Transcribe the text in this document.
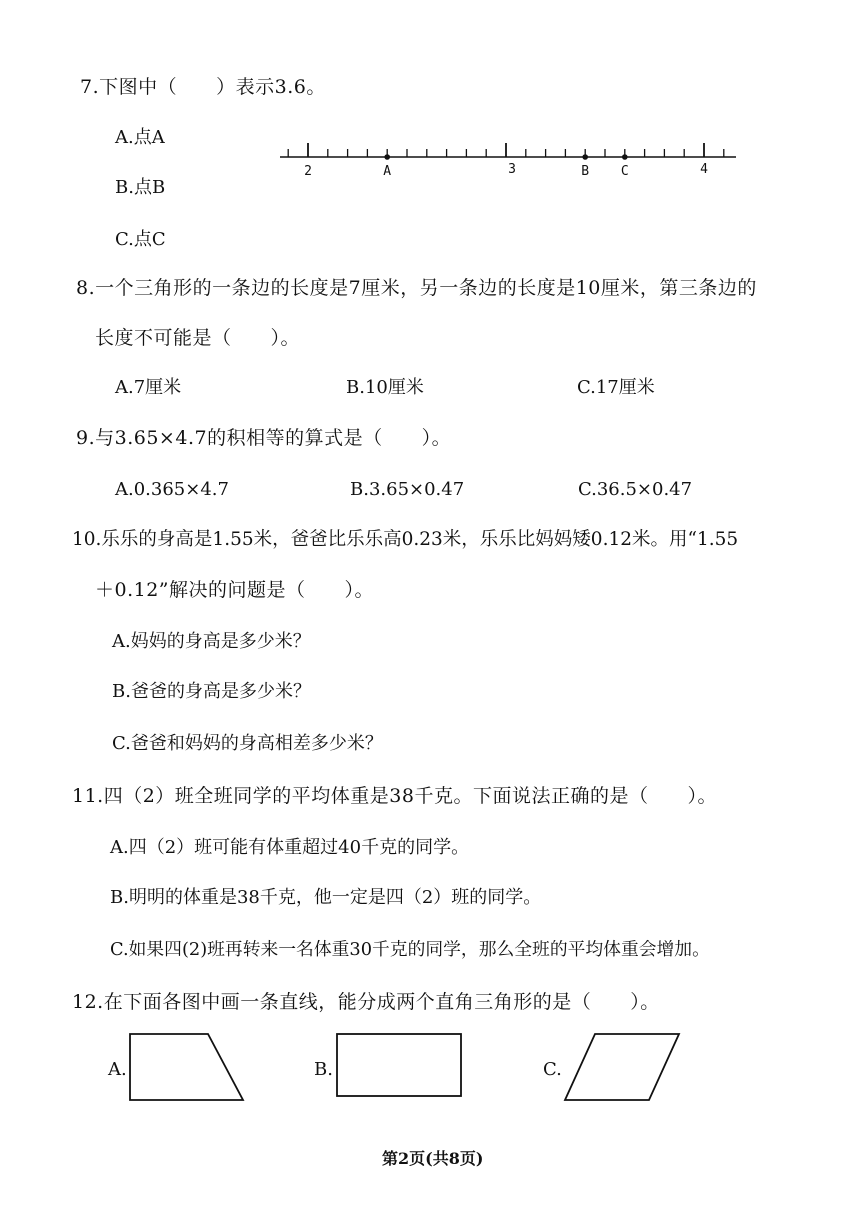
7.下图中（　　）表示3.6。
A.点A
B.点B
C.点C
2	A	3	B C	4
8.一个三角形的一条边的长度是7厘米，另一条边的长度是10厘米，第三条边的
长度不可能是（　　）。
A.7厘米	B.10厘米	C.17厘米
9.与3.65×4.7的积相等的算式是（　　）。
A.0.365×4.7	B.3.65×0.47	C.36.5×0.47
10.乐乐的身高是1.55米，爸爸比乐乐高0.23米，乐乐比妈妈矮0.12米。用“1.55
＋0.12”解决的问题是（　　）。
A.妈妈的身高是多少米？
B.爸爸的身高是多少米？
C.爸爸和妈妈的身高相差多少米？
11.四（2）班全班同学的平均体重是38千克。下面说法正确的是（　　）。
A.四（2）班可能有体重超过40千克的同学。
B.明明的体重是38千克，他一定是四（2）班的同学。
C.如果四(2)班再转来一名体重30千克的同学，那么全班的平均体重会增加。
12.在下面各图中画一条直线，能分成两个直角三角形的是（　　）。
A.	B.	C.
第2页(共8页)
